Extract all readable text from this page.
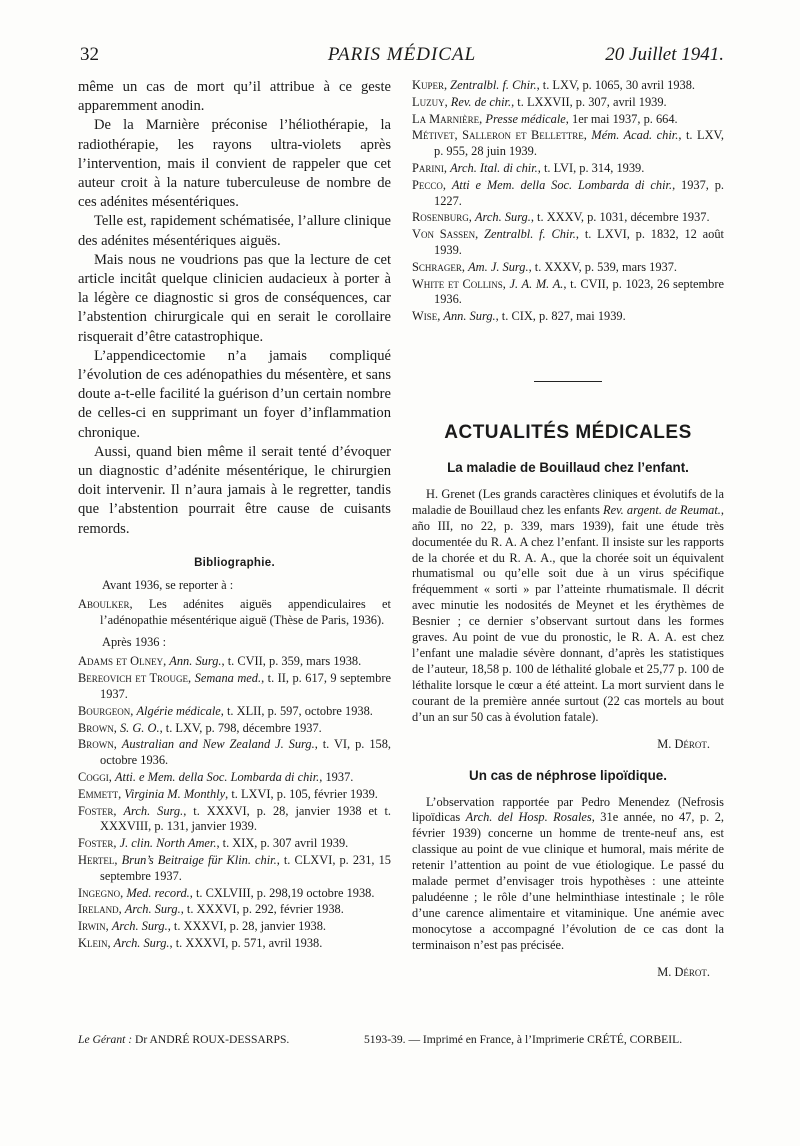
32	PARIS MÉDICAL	20 Juillet 1941.

même un cas de mort qu’il attribue à ce geste apparemment anodin.

De la Marnière préconise l’héliothérapie, la radiothérapie, les rayons ultra-violets après l’intervention, mais il convient de rappeler que cet auteur croit à la nature tuberculeuse de nombre de ces adénites mésentériques.

Telle est, rapidement schématisée, l’allure clinique des adénites mésentériques aiguës.

Mais nous ne voudrions pas que la lecture de cet article incitât quelque clinicien audacieux à porter à la légère ce diagnostic si gros de conséquences, car l’abstention chirurgicale qui en serait le corollaire risquerait d’être catastrophique.

L’appendicectomie n’a jamais compliqué l’évolution de ces adénopathies du mésentère, et sans doute a-t-elle facilité la guérison d’un certain nombre de celles-ci en supprimant un foyer d’inflammation chronique.

Aussi, quand bien même il serait tenté d’évoquer un diagnostic d’adénite mésentérique, le chirurgien doit intervenir. Il n’aura jamais à le regretter, tandis que l’abstention pourrait être cause de cuisants remords.

Bibliographie.
Avant 1936, se reporter à :
Aboulker, Les adénites aiguës appendiculaires et l’adénopathie mésentérique aiguë (Thèse de Paris, 1936).
Après 1936 :
Adams et Olney, Ann. Surg., t. CVII, p. 359, mars 1938.
Bereovich et Trouge, Semana med., t. II, p. 617, 9 septembre 1937.
Bourgeon, Algérie médicale, t. XLII, p. 597, octobre 1938.
Brown, S. G. O., t. LXV, p. 798, décembre 1937.
Brown, Australian and New Zealand J. Surg., t. VI, p. 158, octobre 1936.
Coggi, Atti. e Mem. della Soc. Lombarda di chir., 1937.
Emmett, Virginia M. Monthly, t. LXVI, p. 105, février 1939.
Foster, Arch. Surg., t. XXXVI, p. 28, janvier 1938 et t. XXXVIII, p. 131, janvier 1939.
Foster, J. clin. North Amer., t. XIX, p. 307 avril 1939.
Hertel, Brun’s Beitraige für Klin. chir., t. CLXVI, p. 231, 15 septembre 1937.
Ingegno, Med. record., t. CXLVIII, p. 298,19 octobre 1938.
Ireland, Arch. Surg., t. XXXVI, p. 292, février 1938.
Irwin, Arch. Surg., t. XXXVI, p. 28, janvier 1938.
Klein, Arch. Surg., t. XXXVI, p. 571, avril 1938.
Kuper, Zentralbl. f. Chir., t. LXV, p. 1065, 30 avril 1938.
Luzuy, Rev. de chir., t. LXXVII, p. 307, avril 1939.
La Marnière, Presse médicale, 1er mai 1937, p. 664.
Métivet, Salleron et Bellettre, Mém. Acad. chir., t. LXV, p. 955, 28 juin 1939.
Parini, Arch. Ital. di chir., t. LVI, p. 314, 1939.
Pecco, Atti e Mem. della Soc. Lombarda di chir., 1937, p. 1227.
Rosenburg, Arch. Surg., t. XXXV, p. 1031, décembre 1937.
Von Sassen, Zentralbl. f. Chir., t. LXVI, p. 1832, 12 août 1939.
Schrager, Am. J. Surg., t. XXXV, p. 539, mars 1937.
White et Collins, J. A. M. A., t. CVII, p. 1023, 26 septembre 1936.
Wise, Ann. Surg., t. CIX, p. 827, mai 1939.
ACTUALITÉS MÉDICALES
La maladie de Bouillaud chez l’enfant.

H. Grenet (Les grands caractères cliniques et évolutifs de la maladie de Bouillaud chez les enfants Rev. argent. de Reumat., año III, no 22, p. 339, mars 1939), fait une étude très documentée du R. A. A chez l’enfant. Il insiste sur les rapports de la chorée et du R. A. A., que la chorée soit un équivalent rhumatismal ou qu’elle soit due à un virus spécifique fréquemment « sorti » par l’atteinte rhumatismale. Il décrit avec minutie les nodosités de Meynet et les érythèmes de Besnier ; ce dernier s’observant surtout dans les formes graves. Au point de vue du pronostic, le R. A. A. est chez l’enfant une maladie sévère donnant, d’après les statistiques de l’auteur, 18,58 p. 100 de léthalité globale et 25,77 p. 100 de léthalite lorsque le cœur a été atteint. La mort survient dans le courant de la première année surtout (22 cas mortels au bout d’un an sur 50 cas à évolution fatale).

M. Dérot.
Un cas de néphrose lipoïdique.

L’observation rapportée par Pedro Menendez (Nefrosis lipoïdicas Arch. del Hosp. Rosales, 31e année, no 47, p. 2, février 1939) concerne un homme de trente-neuf ans, est classique au point de vue clinique et humoral, mais mérite de retenir l’attention au point de vue étiologique. Le passé du malade permet d’envisager trois hypothèses : une atteinte paludéenne ; le rôle d’une helminthiase intestinale ; le rôle d’une carence alimentaire et vitaminique. Une anémie avec monocytose a accompagné l’évolution de ce cas dont la terminaison n’est pas précisée.

M. Dérot.
Le Gérant : Dr ANDRÉ ROUX-DESSARPS.	5193-39. — Imprimé en France, à l’Imprimerie CRÉTÉ, CORBEIL.
